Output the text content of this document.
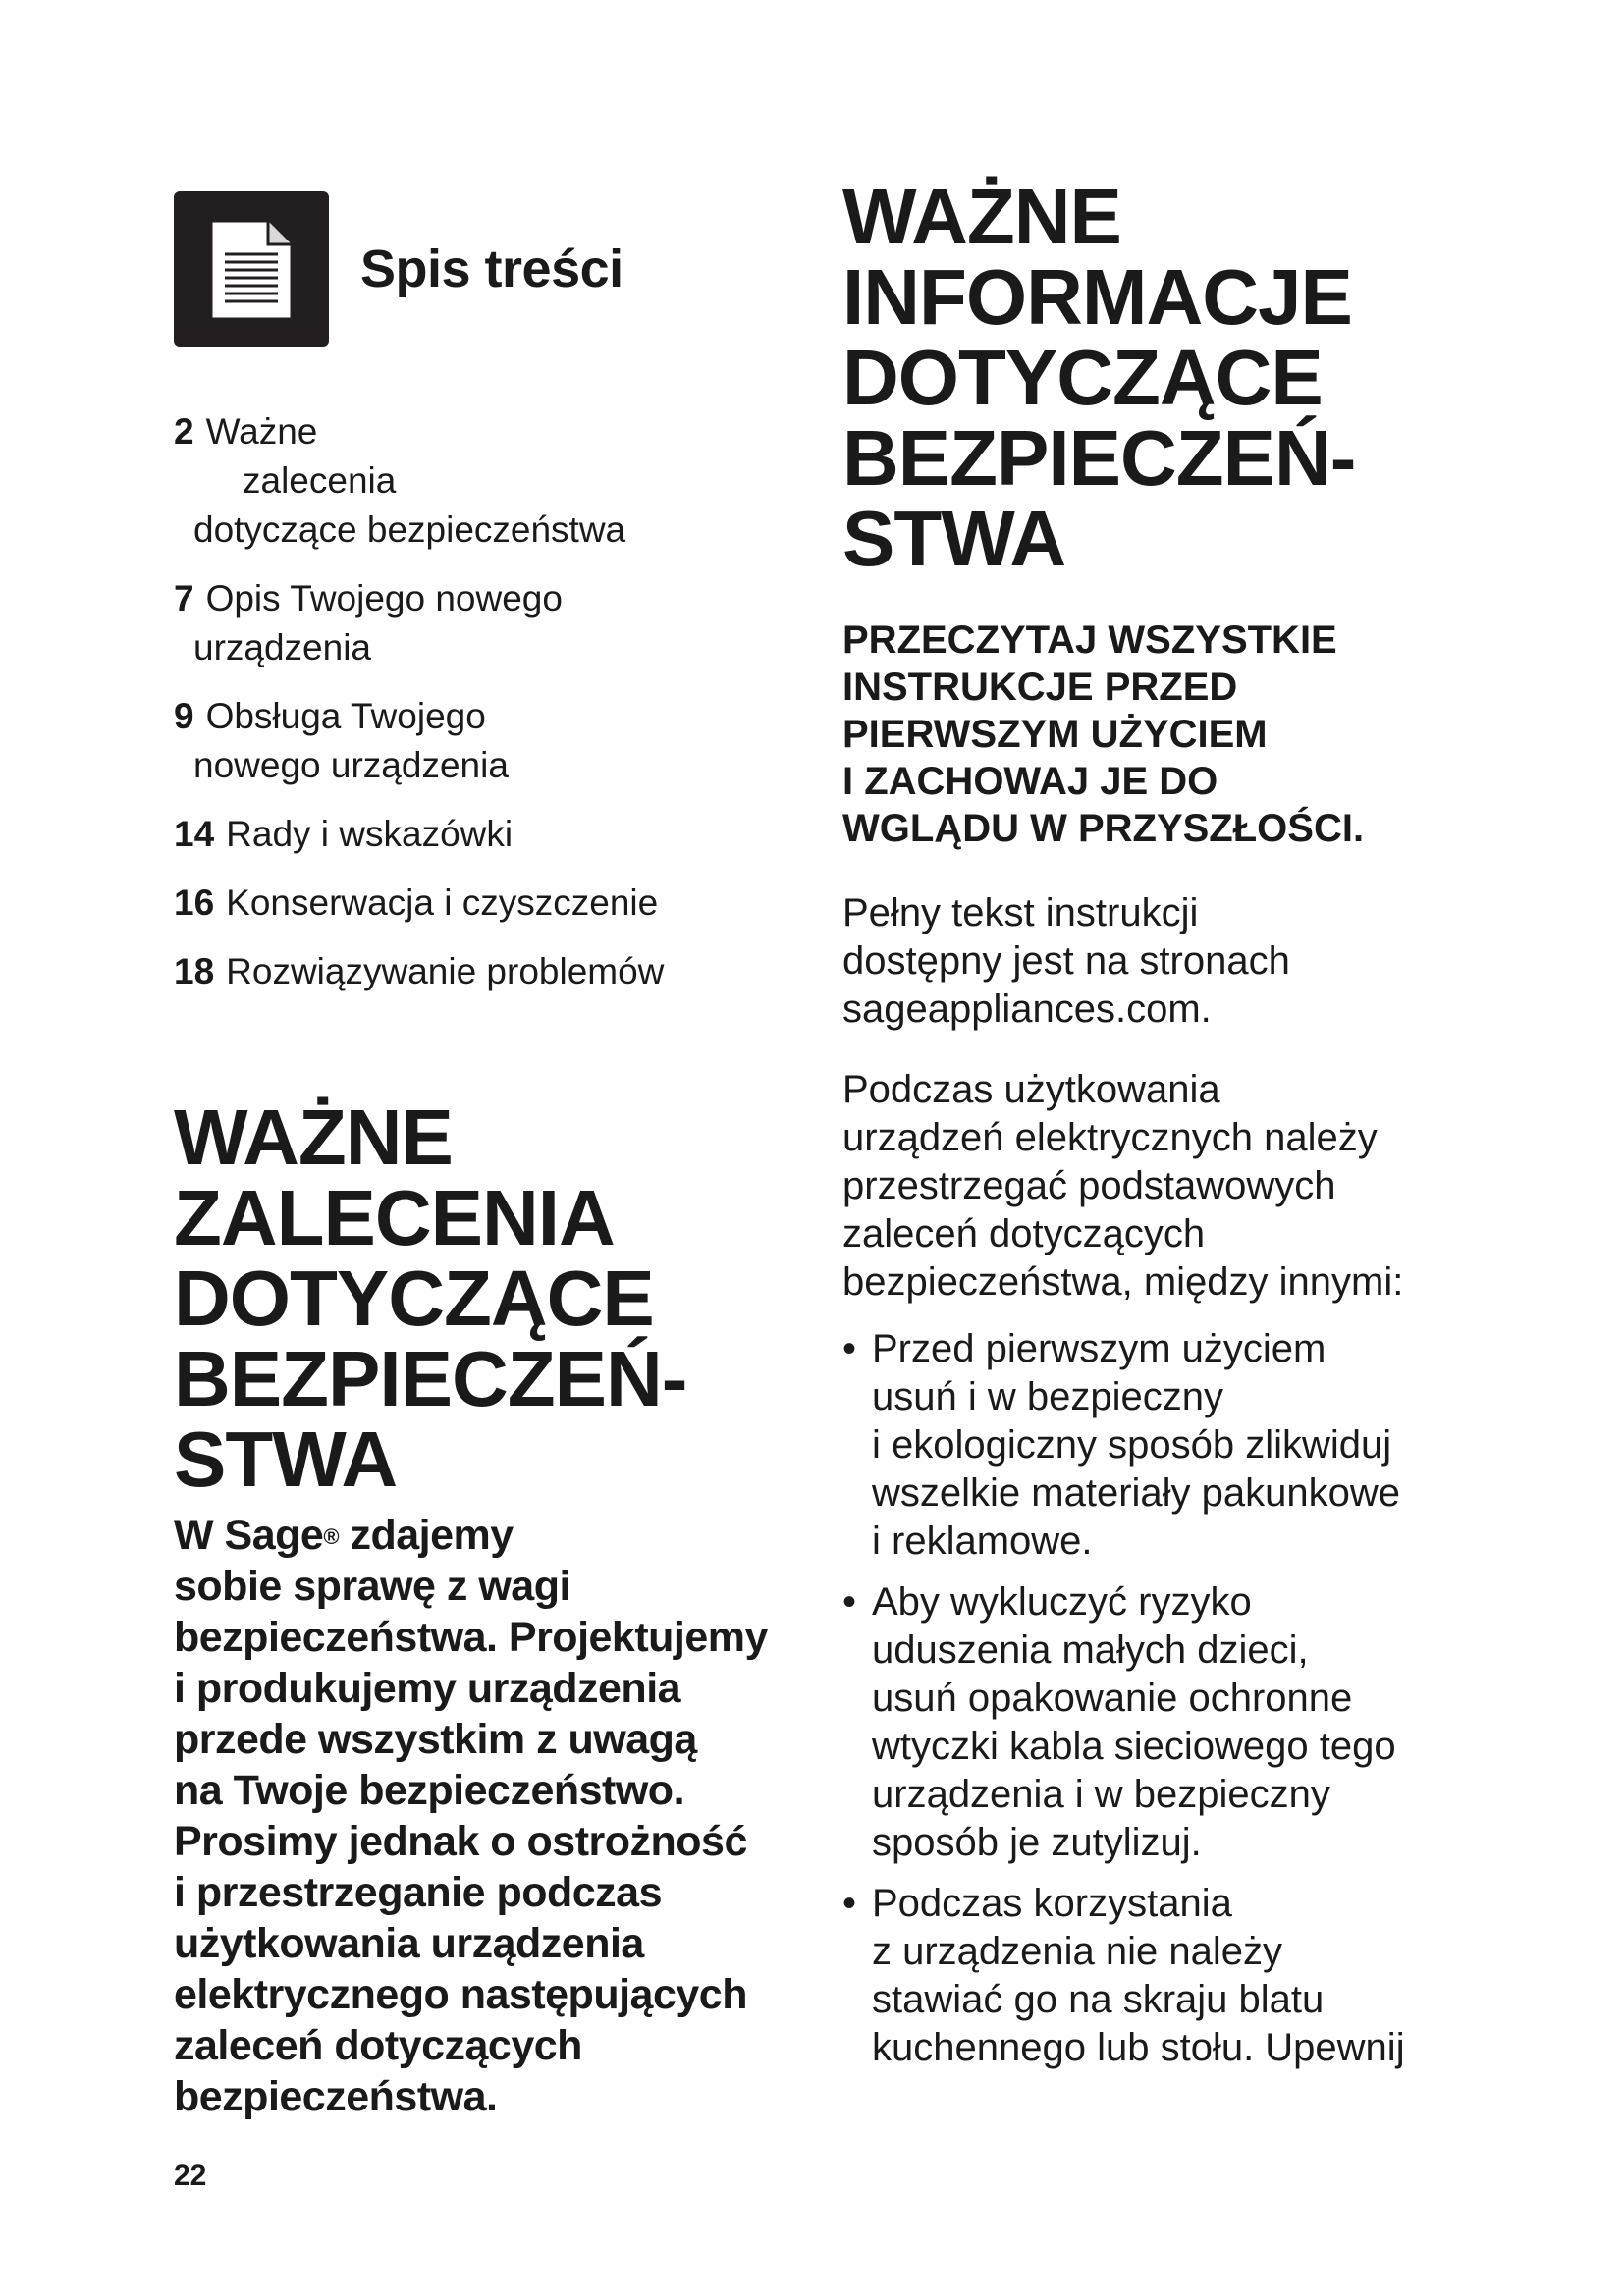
Spis treści
2 Ważne
zalecenia
dotyczące bezpieczeństwa
7 Opis Twojego nowego
urządzenia
9 Obsługa Twojego
nowego urządzenia
14 Rady i wskazówki
16 Konserwacja i czyszczenie
18 Rozwiązywanie problemów
WAŻNE
ZALECENIA
DOTYCZĄCE
BEZPIECZEŃ-
STWA
W Sage® zdajemy
sobie sprawę z wagi
bezpieczeństwa. Projektujemy
i produkujemy urządzenia
przede wszystkim z uwagą
na Twoje bezpieczeństwo.
Prosimy jednak o ostrożność
i przestrzeganie podczas
użytkowania urządzenia
elektrycznego następujących
zaleceń dotyczących
bezpieczeństwa.
WAŻNE
INFORMACJE
DOTYCZĄCE
BEZPIECZEŃ-
STWA
PRZECZYTAJ WSZYSTKIE
INSTRUKCJE PRZED
PIERWSZYM UŻYCIEM
I ZACHOWAJ JE DO
WGLĄDU W PRZYSZŁOŚCI.
Pełny tekst instrukcji
dostępny jest na stronach
sageappliances.com.
Podczas użytkowania
urządzeń elektrycznych należy
przestrzegać podstawowych
zaleceń dotyczących
bezpieczeństwa, między innymi:
• Przed pierwszym użyciem
usuń i w bezpieczny
i ekologiczny sposób zlikwiduj
wszelkie materiały pakunkowe
i reklamowe.
• Aby wykluczyć ryzyko
uduszenia małych dzieci,
usuń opakowanie ochronne
wtyczki kabla sieciowego tego
urządzenia i w bezpieczny
sposób je zutylizuj.
• Podczas korzystania
z urządzenia nie należy
stawiać go na skraju blatu
kuchennego lub stołu. Upewnij
22
